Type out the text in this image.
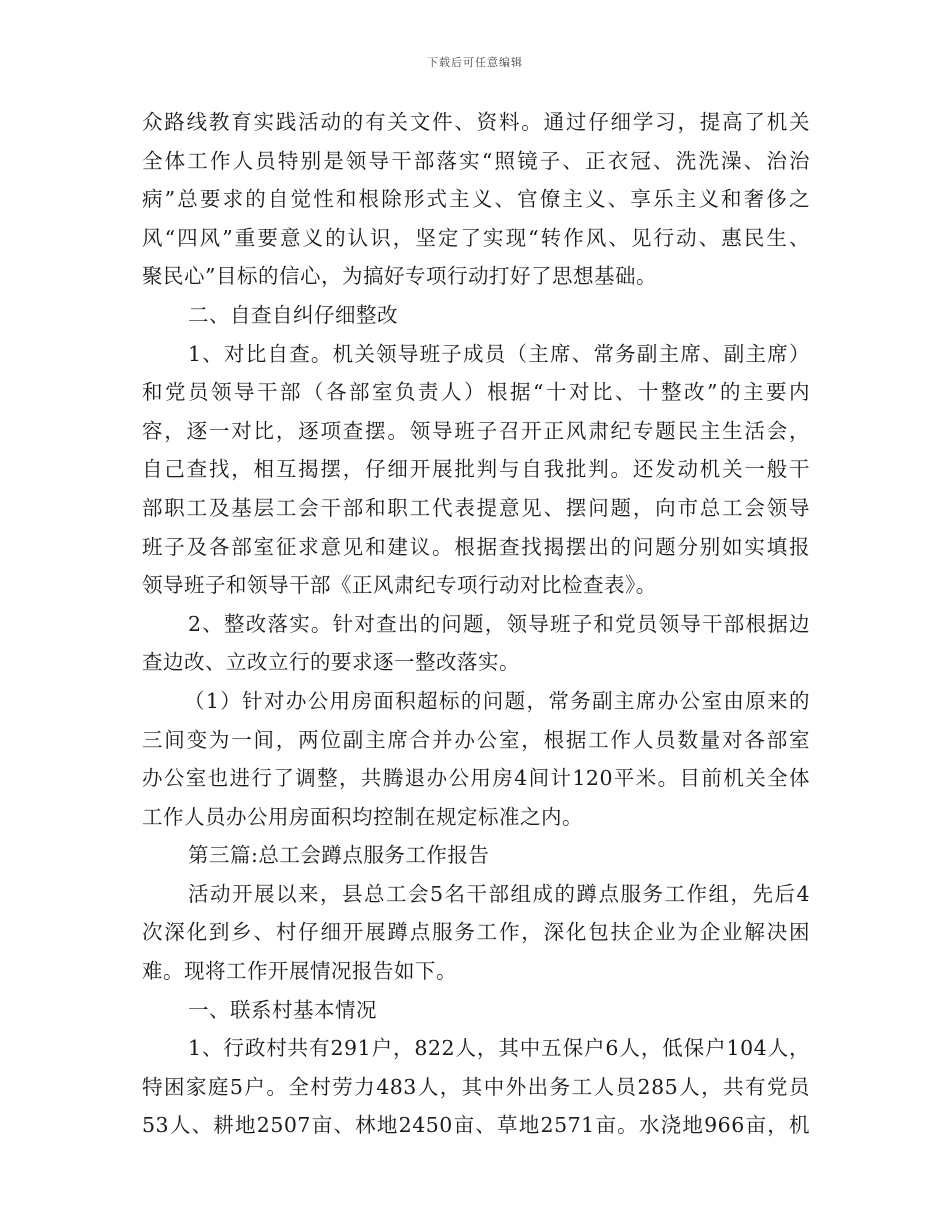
下载后可任意编辑
众路线教育实践活动的有关文件、资料。通过仔细学习，提高了机关
全体工作人员特别是领导干部落实“照镜子、正衣冠、洗洗澡、治治
病”总要求的自觉性和根除形式主义、官僚主义、享乐主义和奢侈之
风“四风”重要意义的认识，坚定了实现“转作风、见行动、惠民生、
聚民心”目标的信心，为搞好专项行动打好了思想基础。
二、自查自纠仔细整改
1、对比自查。机关领导班子成员（主席、常务副主席、副主席）
和党员领导干部（各部室负责人）根据“十对比、十整改”的主要内
容，逐一对比，逐项查摆。领导班子召开正风肃纪专题民主生活会，
自己查找，相互揭摆，仔细开展批判与自我批判。还发动机关一般干
部职工及基层工会干部和职工代表提意见、摆问题，向市总工会领导
班子及各部室征求意见和建议。根据查找揭摆出的问题分别如实填报
领导班子和领导干部《正风肃纪专项行动对比检查表》。
2、整改落实。针对查出的问题，领导班子和党员领导干部根据边
查边改、立改立行的要求逐一整改落实。
（1）针对办公用房面积超标的问题，常务副主席办公室由原来的
三间变为一间，两位副主席合并办公室，根据工作人员数量对各部室
办公室也进行了调整，共腾退办公用房4间计120平米。目前机关全体
工作人员办公用房面积均控制在规定标准之内。
第三篇:总工会蹲点服务工作报告
活动开展以来，县总工会5名干部组成的蹲点服务工作组，先后4
次深化到乡、村仔细开展蹲点服务工作，深化包扶企业为企业解决困
难。现将工作开展情况报告如下。
一、联系村基本情况
1、行政村共有291户，822人，其中五保户6人，低保户104人，
特困家庭5户。全村劳力483人，其中外出务工人员285人，共有党员
53人、耕地2507亩、林地2450亩、草地2571亩。水浇地966亩，机
